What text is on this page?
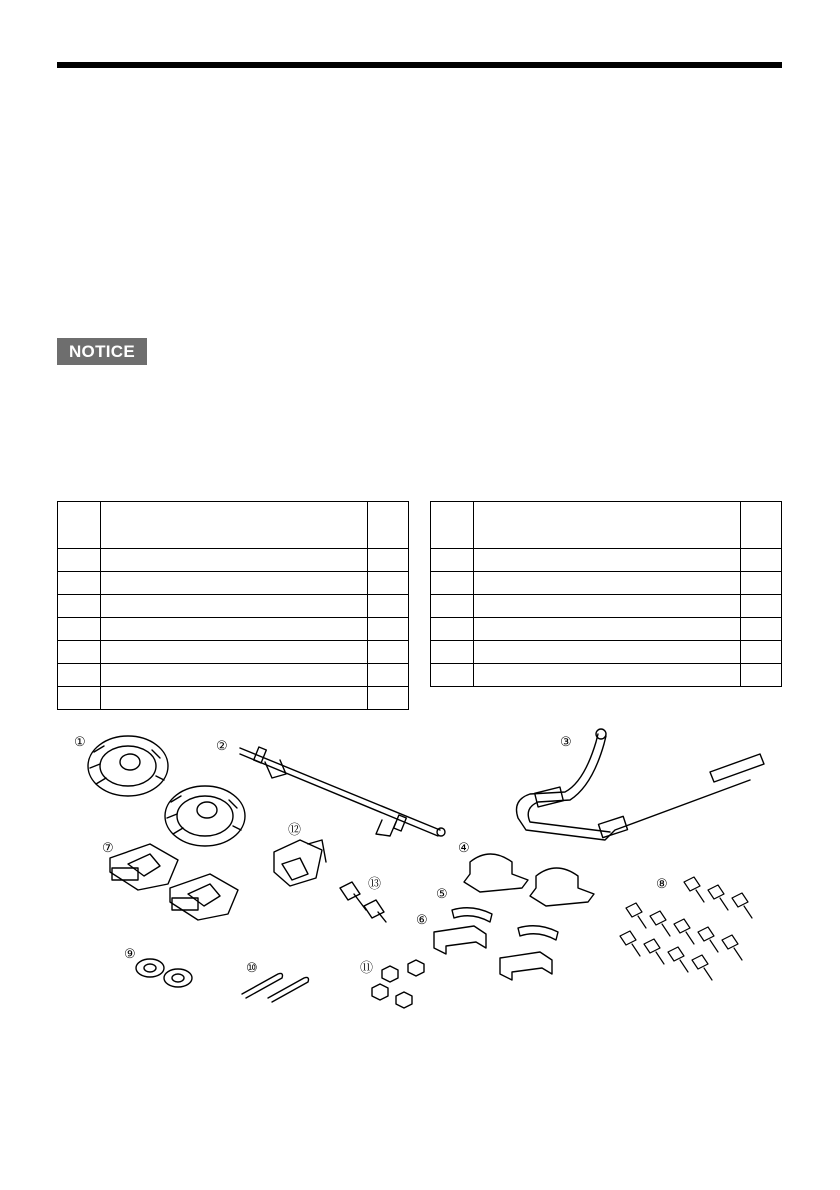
NOTICE

①	②	③
⑦
⑫
⑬
④
⑤
⑥
⑧
⑨
⑩	⑪
